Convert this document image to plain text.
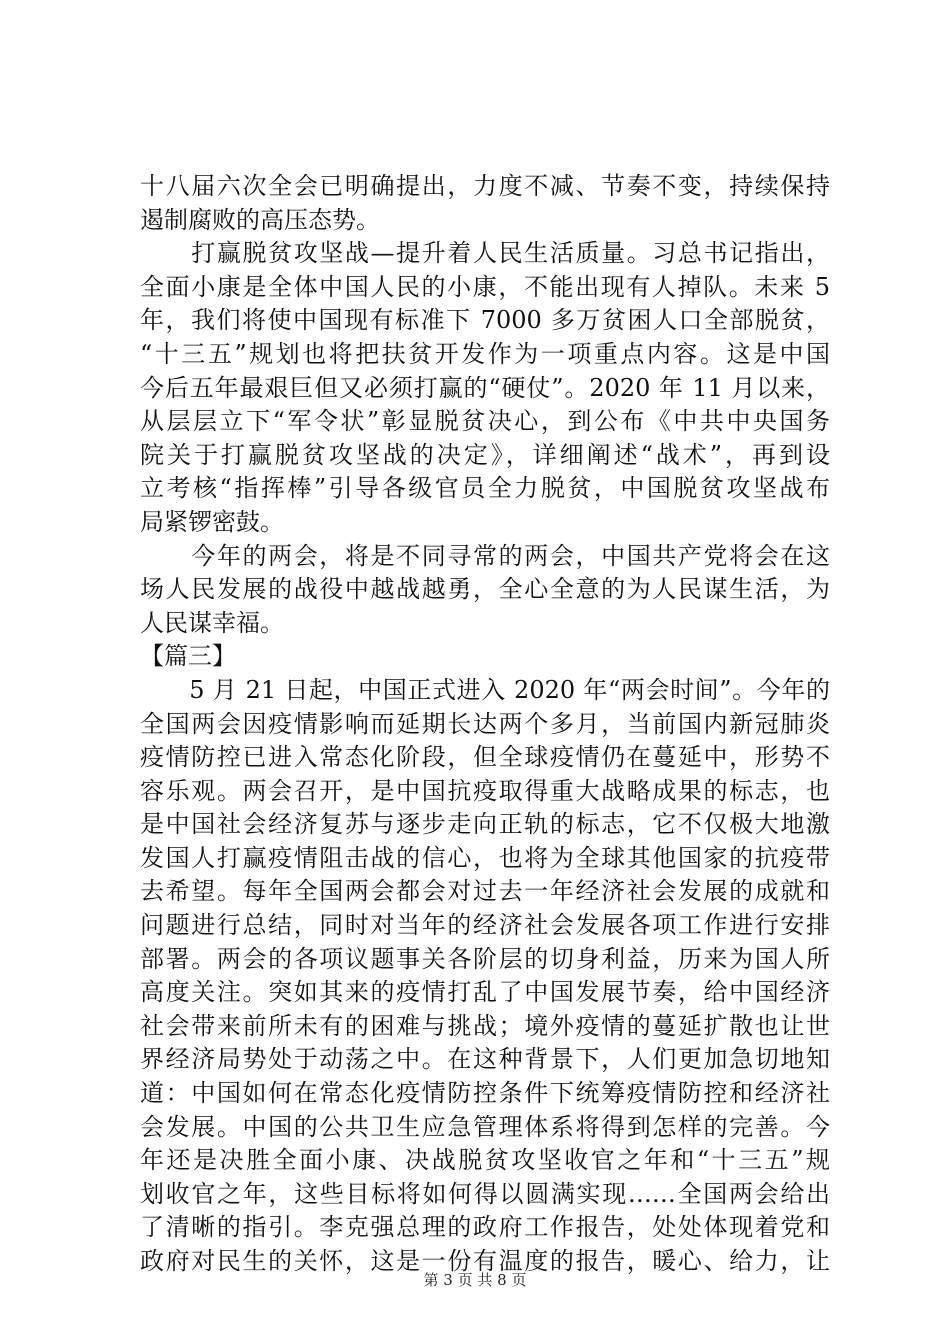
十八届六次全会已明确提出，力度不减、节奏不变，持续保持
遏制腐败的高压态势。
　　打赢脱贫攻坚战—提升着人民生活质量。习总书记指出，
全面小康是全体中国人民的小康，不能出现有人掉队。未来 5
年，我们将使中国现有标准下 7000 多万贫困人口全部脱贫，
“十三五”规划也将把扶贫开发作为一项重点内容。这是中国
今后五年最艰巨但又必须打赢的“硬仗”。2020 年 11 月以来，
从层层立下“军令状”彰显脱贫决心，到公布《中共中央国务
院关于打赢脱贫攻坚战的决定》，详细阐述“战术”，再到设
立考核“指挥棒”引导各级官员全力脱贫，中国脱贫攻坚战布
局紧锣密鼓。
　　今年的两会，将是不同寻常的两会，中国共产党将会在这
场人民发展的战役中越战越勇，全心全意的为人民谋生活，为
人民谋幸福。
【篇三】
　　5 月 21 日起，中国正式进入 2020 年“两会时间”。今年的
全国两会因疫情影响而延期长达两个多月，当前国内新冠肺炎
疫情防控已进入常态化阶段，但全球疫情仍在蔓延中，形势不
容乐观。两会召开，是中国抗疫取得重大战略成果的标志，也
是中国社会经济复苏与逐步走向正轨的标志，它不仅极大地激
发国人打赢疫情阻击战的信心，也将为全球其他国家的抗疫带
去希望。每年全国两会都会对过去一年经济社会发展的成就和
问题进行总结，同时对当年的经济社会发展各项工作进行安排
部署。两会的各项议题事关各阶层的切身利益，历来为国人所
高度关注。突如其来的疫情打乱了中国发展节奏，给中国经济
社会带来前所未有的困难与挑战；境外疫情的蔓延扩散也让世
界经济局势处于动荡之中。在这种背景下，人们更加急切地知
道：中国如何在常态化疫情防控条件下统筹疫情防控和经济社
会发展。中国的公共卫生应急管理体系将得到怎样的完善。今
年还是决胜全面小康、决战脱贫攻坚收官之年和“十三五”规
划收官之年，这些目标将如何得以圆满实现……全国两会给出
了清晰的指引。李克强总理的政府工作报告，处处体现着党和
政府对民生的关怀，这是一份有温度的报告，暖心、给力，让
第 3 页 共 8 页
